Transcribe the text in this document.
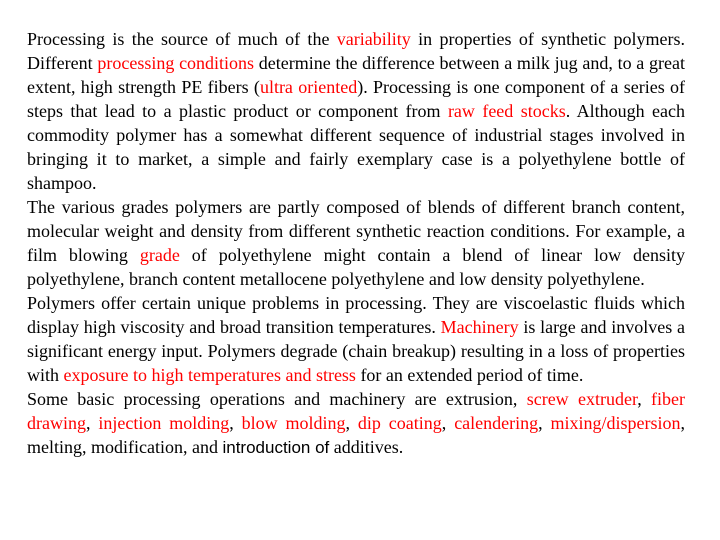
Processing is the source of much of the variability in properties of synthetic polymers. Different processing conditions determine the difference between a milk jug and, to a great extent, high strength PE fibers (ultra oriented). Processing is one component of a series of steps that lead to a plastic product or component from raw feed stocks. Although each commodity polymer has a somewhat different sequence of industrial stages involved in bringing it to market, a simple and fairly exemplary case is a polyethylene bottle of shampoo.

The various grades polymers are partly composed of blends of different branch content, molecular weight and density from different synthetic reaction conditions. For example, a film blowing grade of polyethylene might contain a blend of linear low density polyethylene, branch content metallocene polyethylene and low density polyethylene.

Polymers offer certain unique problems in processing. They are viscoelastic fluids which display high viscosity and broad transition temperatures. Machinery is large and involves a significant energy input. Polymers degrade (chain breakup) resulting in a loss of properties with exposure to high temperatures and stress for an extended period of time.

Some basic processing operations and machinery are extrusion, screw extruder, fiber drawing, injection molding, blow molding, dip coating, calendering, mixing/dispersion, melting, modification, and introduction of additives.
